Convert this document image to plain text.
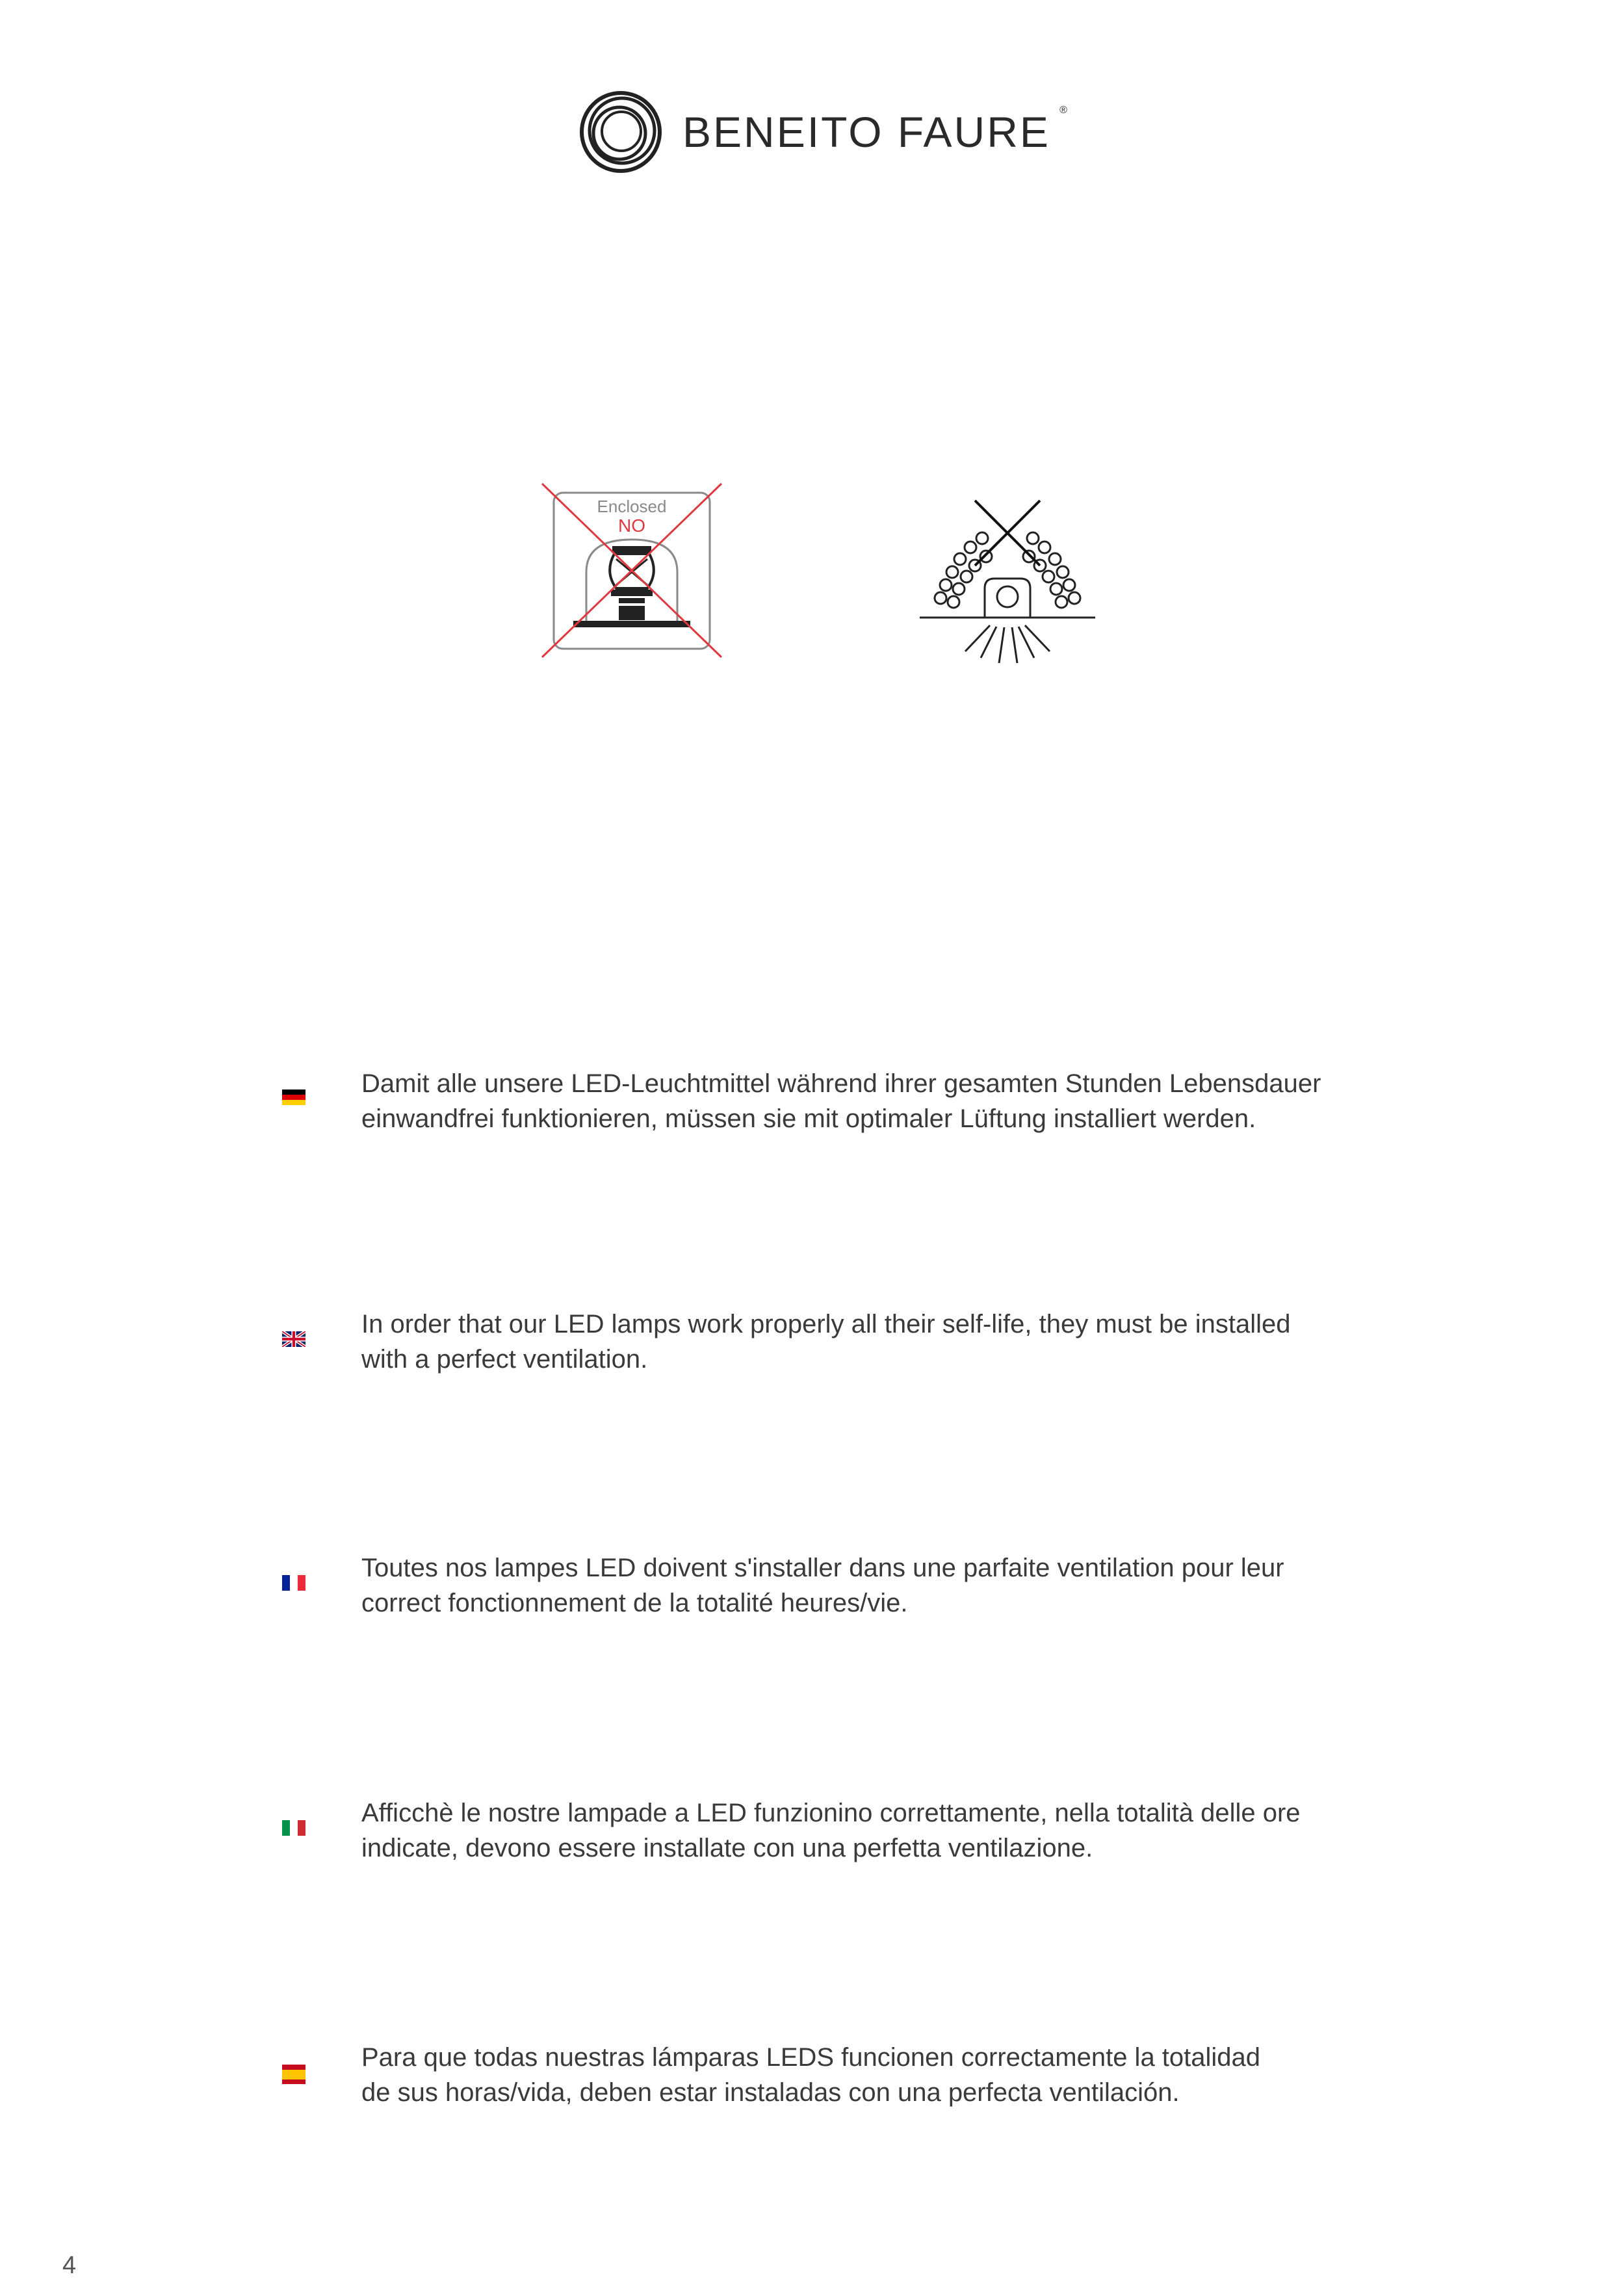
BENEITO FAURE ®
Enclosed
NO
Damit alle unsere LED-Leuchtmittel während ihrer gesamten Stunden Lebensdauer
einwandfrei funktionieren, müssen sie mit optimaler Lüftung installiert werden.
In order that our LED lamps work properly all their self-life, they must be installed
with a perfect ventilation.
Toutes nos lampes LED doivent s'installer dans une parfaite ventilation pour leur
correct fonctionnement de la totalité heures/vie.
Afficchè le nostre lampade a LED funzionino correttamente, nella totalità delle ore
indicate, devono essere installate con una perfetta ventilazione.
Para que todas nuestras lámparas LEDS funcionen correctamente la totalidad
de sus horas/vida, deben estar instaladas con una perfecta ventilación.
4
